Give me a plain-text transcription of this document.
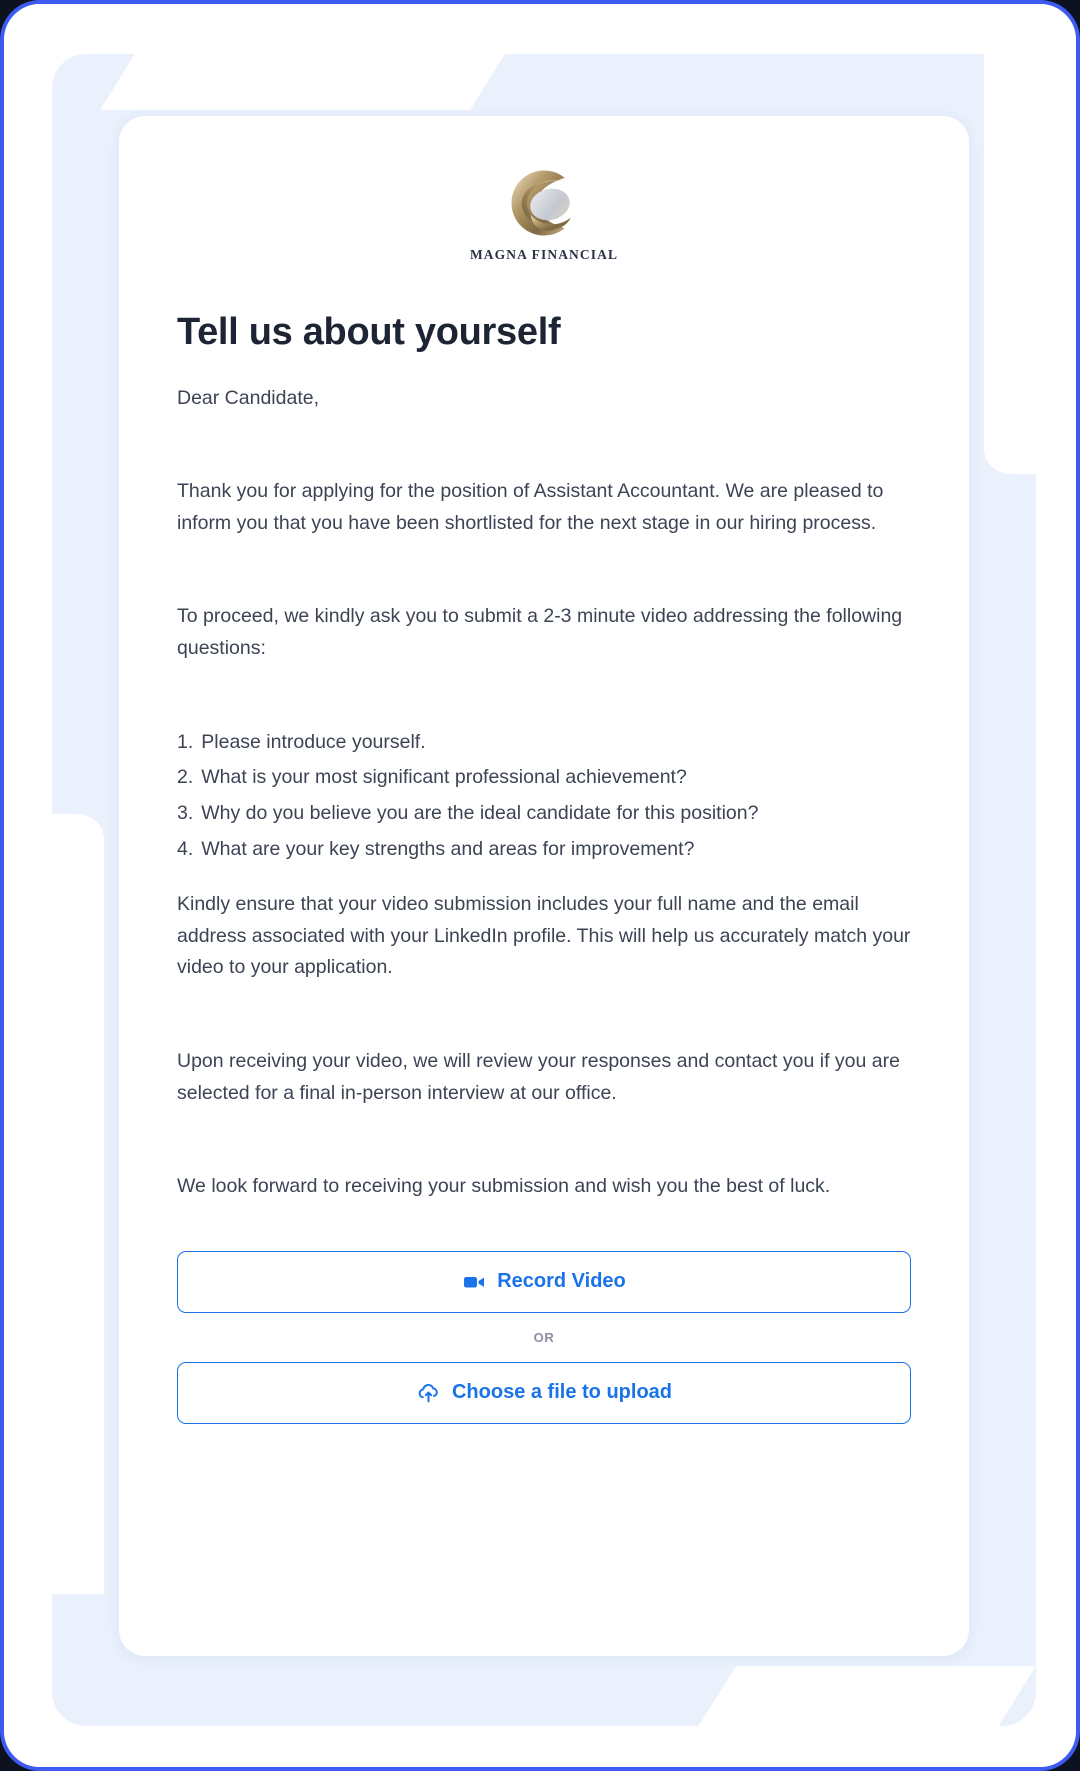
MAGNA FINANCIAL
Tell us about yourself

Dear Candidate,

Thank you for applying for the position of Assistant Accountant. We are pleased to inform you that you have been shortlisted for the next stage in our hiring process.

To proceed, we kindly ask you to submit a 2-3 minute video addressing the following questions:

1. Please introduce yourself.
2. What is your most significant professional achievement?
3. Why do you believe you are the ideal candidate for this position?
4. What are your key strengths and areas for improvement?

Kindly ensure that your video submission includes your full name and the email address associated with your LinkedIn profile. This will help us accurately match your video to your application.

Upon receiving your video, we will review your responses and contact you if you are selected for a final in-person interview at our office.

We look forward to receiving your submission and wish you the best of luck.

Record Video
OR
Choose a file to upload
